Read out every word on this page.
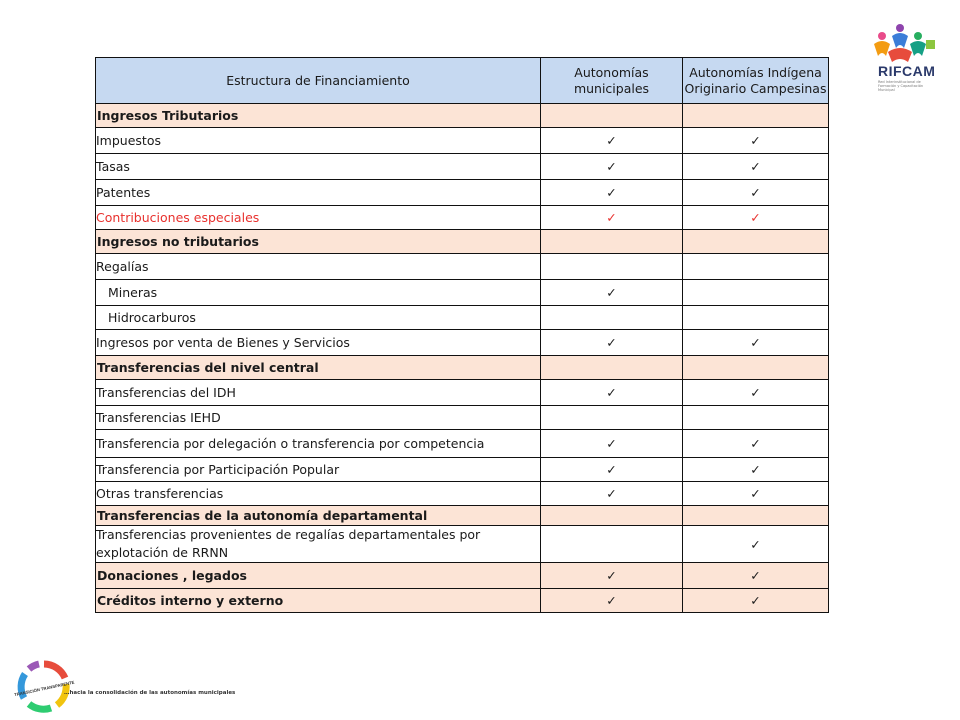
Estructura de Financiamiento	Autonomías municipales	Autonomías Indígena Originario Campesinas
Ingresos Tributarios		
Impuestos	✓	✓
Tasas	✓	✓
Patentes	✓	✓
Contribuciones especiales	✓	✓
Ingresos no tributarios		
Regalías		
Mineras	✓	
Hidrocarburos		
Ingresos por venta de Bienes y Servicios	✓	✓
Transferencias del nivel central		
Transferencias del IDH	✓	✓
Transferencias IEHD		
Transferencia por delegación o transferencia por competencia	✓	✓
Transferencia por Participación Popular	✓	✓
Otras transferencias	✓	✓
Transferencias de la autonomía departamental		
Transferencias provenientes de regalías departamentales por explotación de RRNN		✓
Donaciones , legados	✓	✓
Créditos interno y externo	✓	✓
RIFCAM
Red Interinstitucional de Formación y Capacitación Municipal
TRANSICIÓN TRANSPARENTE
…hacia la consolidación de las autonomías municipales
